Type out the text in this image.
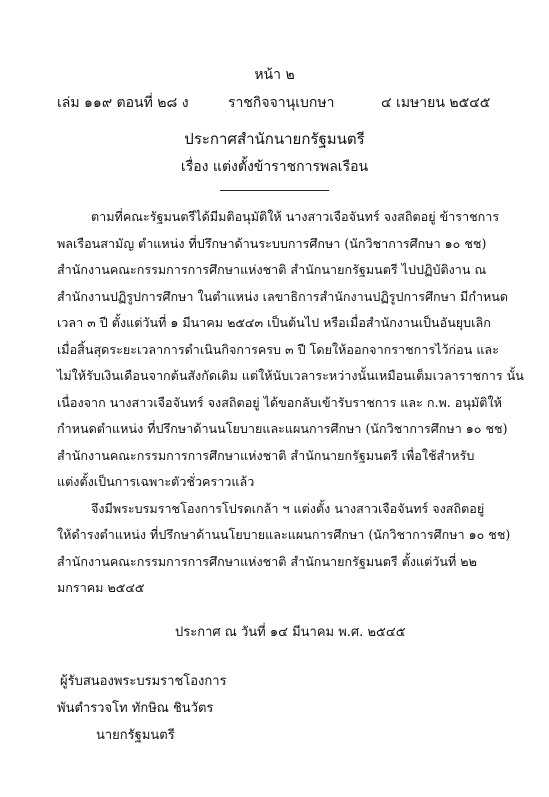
หน้า ๒
เล่ม ๑๑๙ ตอนที่ ๒๘ ง	ราชกิจจานุเบกษา	๔ เมษายน ๒๕๔๕
ประกาศสำนักนายกรัฐมนตรี
เรื่อง แต่งตั้งข้าราชการพลเรือน
ตามที่คณะรัฐมนตรีได้มีมติอนุมัติให้ นางสาวเจือจันทร์ จงสถิตอยู่ ข้าราชการ
พลเรือนสามัญ ตำแหน่ง ที่ปรึกษาด้านระบบการศึกษา (นักวิชาการศึกษา ๑๐ ชช)
สำนักงานคณะกรรมการการศึกษาแห่งชาติ สำนักนายกรัฐมนตรี ไปปฏิบัติงาน ณ
สำนักงานปฏิรูปการศึกษา ในตำแหน่ง เลขาธิการสำนักงานปฏิรูปการศึกษา มีกำหนด
เวลา ๓ ปี ตั้งแต่วันที่ ๑ มีนาคม ๒๕๔๓ เป็นต้นไป หรือเมื่อสำนักงานเป็นอันยุบเลิก
เมื่อสิ้นสุดระยะเวลาการดำเนินกิจการครบ ๓ ปี โดยให้ออกจากราชการไว้ก่อน และ
ไม่ให้รับเงินเดือนจากต้นสังกัดเดิม แต่ให้นับเวลาระหว่างนั้นเหมือนเต็มเวลาราชการ นั้น
เนื่องจาก นางสาวเจือจันทร์ จงสถิตอยู่ ได้ขอกลับเข้ารับราชการ และ ก.พ. อนุมัติให้
กำหนดตำแหน่ง ที่ปรึกษาด้านนโยบายและแผนการศึกษา (นักวิชาการศึกษา ๑๐ ชช)
สำนักงานคณะกรรมการการศึกษาแห่งชาติ สำนักนายกรัฐมนตรี เพื่อใช้สำหรับ
แต่งตั้งเป็นการเฉพาะตัวชั่วคราวแล้ว
จึงมีพระบรมราชโองการโปรดเกล้า ฯ แต่งตั้ง นางสาวเจือจันทร์ จงสถิตอยู่
ให้ดำรงตำแหน่ง ที่ปรึกษาด้านนโยบายและแผนการศึกษา (นักวิชาการศึกษา ๑๐ ชช)
สำนักงานคณะกรรมการการศึกษาแห่งชาติ สำนักนายกรัฐมนตรี ตั้งแต่วันที่ ๒๒
มกราคม ๒๕๔๕
ประกาศ ณ วันที่ ๑๔ มีนาคม พ.ศ. ๒๕๔๕
ผู้รับสนองพระบรมราชโองการ
พันตำรวจโท ทักษิณ ชินวัตร
นายกรัฐมนตรี
